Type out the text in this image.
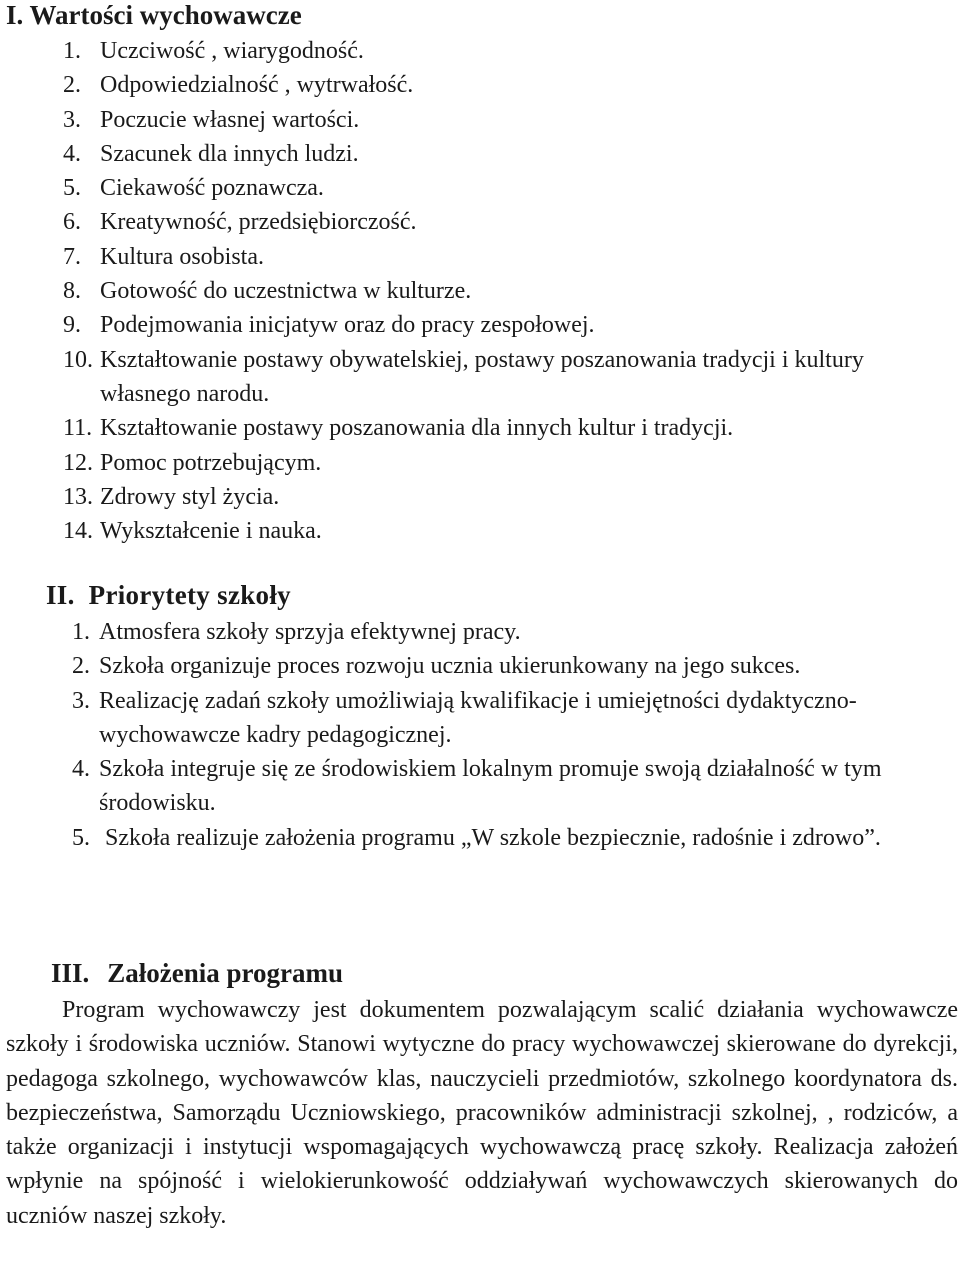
I. Wartości wychowawcze
1. Uczciwość , wiarygodność.
2. Odpowiedzialność , wytrwałość.
3. Poczucie własnej wartości.
4. Szacunek dla innych ludzi.
5. Ciekawość poznawcza.
6. Kreatywność, przedsiębiorczość.
7. Kultura osobista.
8. Gotowość do uczestnictwa w kulturze.
9. Podejmowania inicjatyw oraz do pracy zespołowej.
10. Kształtowanie postawy obywatelskiej, postawy poszanowania tradycji i kultury własnego narodu.
11. Kształtowanie postawy poszanowania dla innych kultur i tradycji.
12. Pomoc potrzebującym.
13. Zdrowy styl życia.
14. Wykształcenie i nauka.
II. Priorytety szkoły
1. Atmosfera szkoły sprzyja efektywnej pracy.
2. Szkoła organizuje proces rozwoju ucznia ukierunkowany na jego sukces.
3. Realizację zadań szkoły umożliwiają kwalifikacje i umiejętności dydaktyczno- wychowawcze kadry pedagogicznej.
4. Szkoła integruje się ze środowiskiem lokalnym promuje swoją działalność w tym środowisku.
5. Szkoła realizuje założenia programu „W szkole bezpiecznie, radośnie i zdrowo”.
III. Założenia programu

Program wychowawczy jest dokumentem pozwalającym scalić działania wychowawcze szkoły i środowiska uczniów. Stanowi wytyczne do pracy wychowawczej skierowane do dyrekcji, pedagoga szkolnego, wychowawców klas, nauczycieli przedmiotów, szkolnego koordynatora ds. bezpieczeństwa, Samorządu Uczniowskiego, pracowników administracji szkolnej, , rodziców, a także organizacji i instytucji wspomagających wychowawczą pracę szkoły. Realizacja założeń wpłynie na spójność i wielokierunkowość oddziaływań wychowawczych skierowanych do uczniów naszej szkoły.
